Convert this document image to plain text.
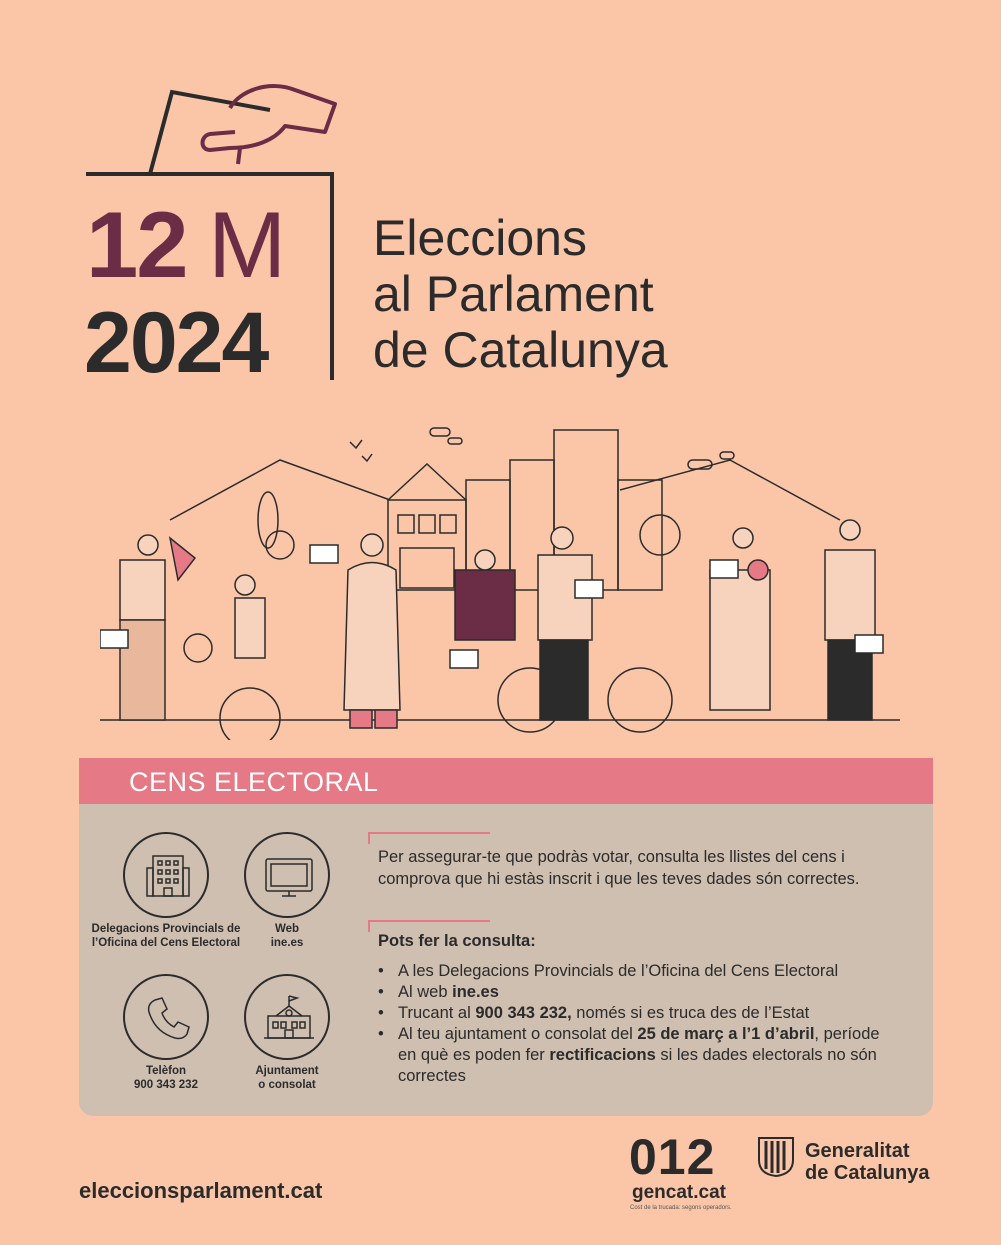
12 M
2024
Eleccions
al Parlament
de Catalunya
CENS ELECTORAL
Delegacions Provincials de l’Oficina del Cens Electoral
Web
ine.es
Telèfon
900 343 232
Ajuntament
o consolat
Per assegurar-te que podràs votar, consulta les llistes del cens i comprova que hi estàs inscrit i que les teves dades són correctes.
Pots fer la consulta:
• A les Delegacions Provincials de l’Oficina del Cens Electoral
• Al web ine.es
• Trucant al 900 343 232, només si es truca des de l’Estat
• Al teu ajuntament o consolat del 25 de març a l’1 d’abril, període en què es poden fer rectificacions si les dades electorals no són correctes
eleccionsparlament.cat
012
gencat.cat
Cost de la trucada: segons operadors.
Generalitat
de Catalunya
